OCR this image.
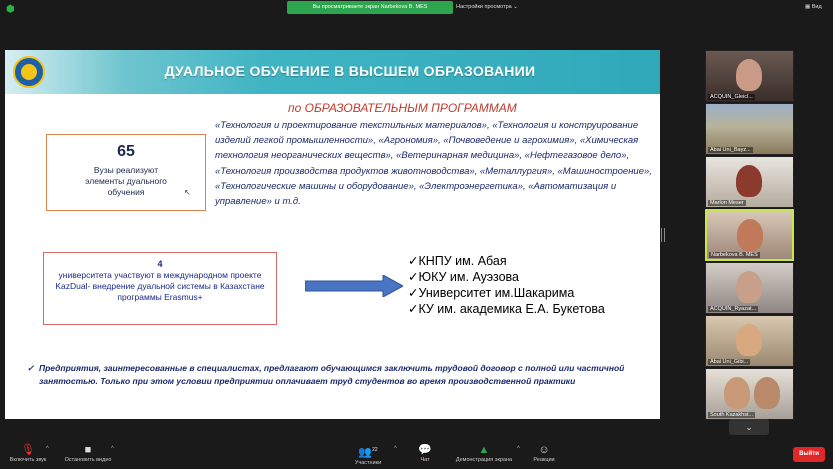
⬢	Вы просматриваете экран Narbekova B. MES	Настройки просмотра ⌄	▦ Вид
ДУАЛЬНОЕ ОБУЧЕНИЕ В ВЫСШЕМ ОБРАЗОВАНИИ
по ОБРАЗОВАТЕЛЬНЫМ ПРОГРАММАМ
«Технология и проектирование текстильных материалов», «Технология и конструирование изделий легкой промышленности», «Агрономия», «Почвоведение и агрохимия», «Химическая технология неорганических веществ», «Ветеринарная медицина», «Нефтегазовое дело», «Технология производства продуктов животноводства», «Металлургия», «Машиностроение», «Технологические машины и оборудование», «Электроэнергетика», «Автоматизация и управление» и т.д.
65
Вузы реализуют элементы дуального обучения	↖
4
университета участвуют в международном проекте KazDual- внедрение дуальной системы в Казахстане программы Erasmus+
✓КНПУ им. Абая
✓ЮКУ им. Ауэзова
✓Университет им.Шакарима
✓КУ им. академика Е.А. Букетова
✓ Предприятия, заинтересованные в специалистах, предлагают обучающимся заключить трудовой договор с полной или частичной занятостью. Только при этом условии предприятии оплачивает труд студентов во время производственной практики
ACQUIN_Gleicl...
Abai Uni_Bayz...
Marlon Meser
Narbekova B. MES
ACQUIN_Ryazat...
Abai Uni_Gibi...
South Kazakhst...
⌄
🎙
Включить звук
^	■
Остановить видео
^	👥$^{22}$
Участники
^	💬
Чат
▲
Демонстрация экрана
^	☺
Реакции
Выйти
